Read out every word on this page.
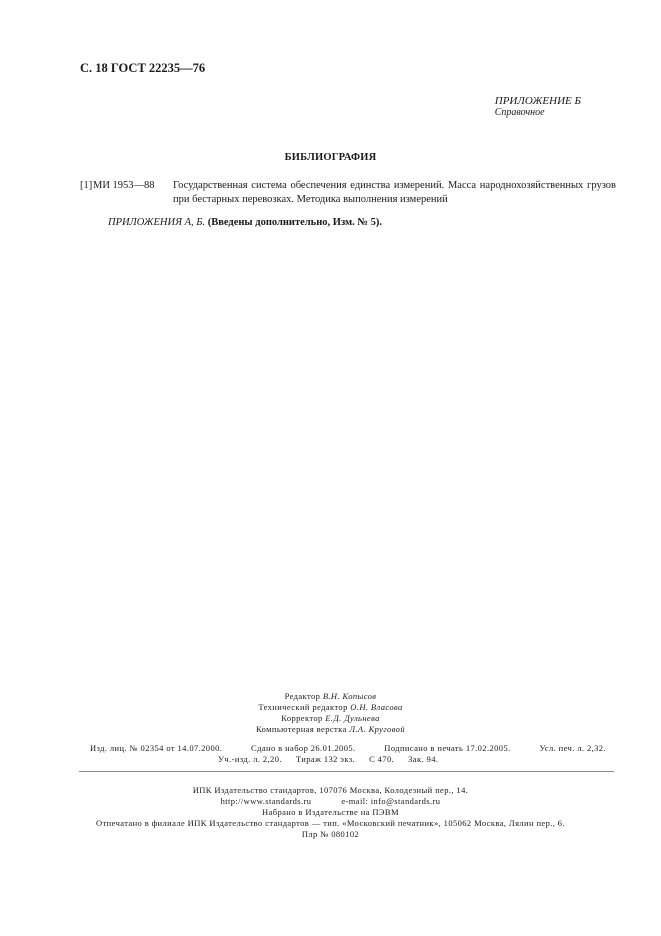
С. 18 ГОСТ 22235—76
ПРИЛОЖЕНИЕ Б
Справочное
БИБЛИОГРАФИЯ
[1] МИ 1953—88 Государственная система обеспечения единства измерений. Масса народнохозяйственных грузов при бестарных перевозках. Методика выполнения измерений
ПРИЛОЖЕНИЯ А, Б. (Введены дополнительно, Изм. № 5).
Редактор В.Н. Копысов
Технический редактор О.Н. Власова
Корректор Е.Д. Дульнева
Компьютерная верстка Л.А. Круговой
Изд. лиц. № 02354 от 14.07.2000.	Сдано в набор 26.01.2005.	Подписано в печать 17.02.2005.	Усл. печ. л. 2,32.
Уч.-изд. л. 2,20. Тираж 132 экз. С 470. Зак. 94.
ИПК Издательство стандартов, 107076 Москва, Колодезный пер., 14.
http://www.standards.ru	e-mail: info@standards.ru
Набрано в Издательстве на ПЭВМ
Отпечатано в филиале ИПК Издательство стандартов — тип. «Московский печатник», 105062 Москва, Лялин пер., 6.
Плр № 080102
